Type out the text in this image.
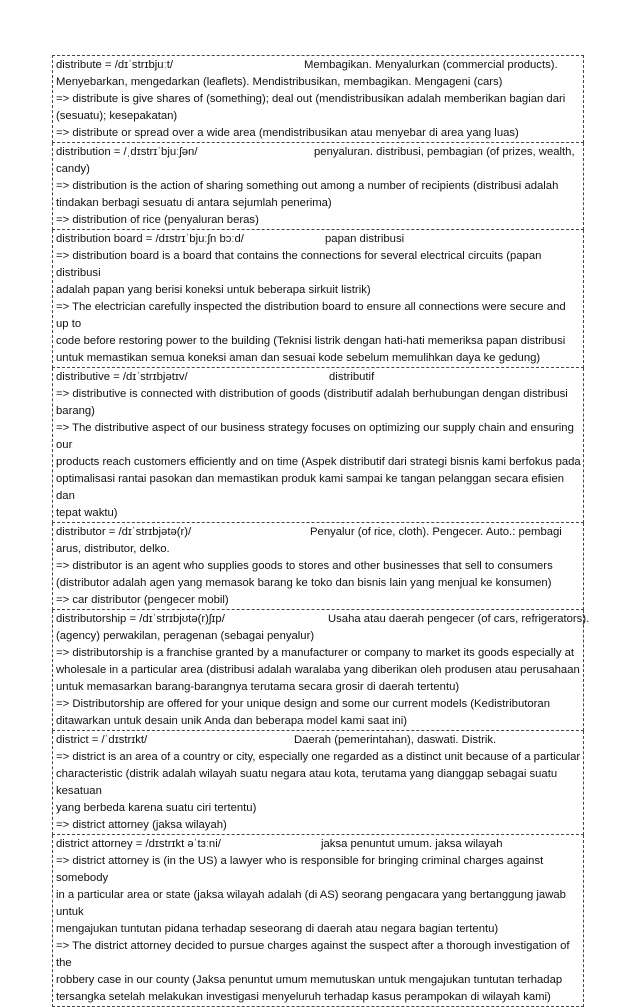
distribute = /dɪˈstrɪbjuːt/	Membagikan. Menyalurkan (commercial products).

Menyebarkan, mengedarkan (leaflets). Mendistribusikan, membagikan. Mengageni (cars)
=> distribute is give shares of (something); deal out (mendistribusikan adalah memberikan bagian dari
(sesuatu); kesepakatan)
=> distribute or spread over a wide area (mendistribusikan atau menyebar di area yang luas)
distribution = /ˌdɪstrɪˈbjuːʃən/	penyaluran. distribusi, pembagian (of prizes, wealth,

candy)
=> distribution is the action of sharing something out among a number of recipients (distribusi adalah
tindakan berbagi sesuatu di antara sejumlah penerima)
=> distribution of rice (penyaluran beras)
distribution board = /dɪstrɪˈbjuːʃn bɔːd/	papan distribusi

=> distribution board is a board that contains the connections for several electrical circuits (papan distribusi
adalah papan yang berisi koneksi untuk beberapa sirkuit listrik)
=> The electrician carefully inspected the distribution board to ensure all connections were secure and up to
code before restoring power to the building (Teknisi listrik dengan hati-hati memeriksa papan distribusi
untuk memastikan semua koneksi aman dan sesuai kode sebelum memulihkan daya ke gedung)
distributive = /dɪˈstrɪbjətɪv/	distributif

=> distributive is connected with distribution of goods (distributif adalah berhubungan dengan distribusi
barang)
=> The distributive aspect of our business strategy focuses on optimizing our supply chain and ensuring our
products reach customers efficiently and on time (Aspek distributif dari strategi bisnis kami berfokus pada
optimalisasi rantai pasokan dan memastikan produk kami sampai ke tangan pelanggan secara efisien dan
tepat waktu)
distributor = /dɪˈstrɪbjətə(r)/	Penyalur (of rice, cloth). Pengecer. Auto.: pembagi

arus, distributor, delko.
=> distributor is an agent who supplies goods to stores and other businesses that sell to consumers
(distributor adalah agen yang memasok barang ke toko dan bisnis lain yang menjual ke konsumen)
=> car distributor (pengecer mobil)
distributorship = /dɪˈstrɪbjʊtə(r)ʃɪp/	Usaha atau daerah pengecer (of cars, refrigerators).

(agency) perwakilan, peragenan (sebagai penyalur)
=> distributorship is a franchise granted by a manufacturer or company to market its goods especially at
wholesale in a particular area (distribusi adalah waralaba yang diberikan oleh produsen atau perusahaan
untuk memasarkan barang-barangnya terutama secara grosir di daerah tertentu)
=> Distributorship are offered for your unique design and some our current models (Kedistributoran
ditawarkan untuk desain unik Anda dan beberapa model kami saat ini)
district = /ˈdɪstrɪkt/	Daerah (pemerintahan), daswati. Distrik.

=> district is an area of a country or city, especially one regarded as a distinct unit because of a particular
characteristic (distrik adalah wilayah suatu negara atau kota, terutama yang dianggap sebagai suatu kesatuan
yang berbeda karena suatu ciri tertentu)
=> district attorney (jaksa wilayah)
district attorney = /dɪstrɪkt əˈtɜːni/	jaksa penuntut umum. jaksa wilayah

=> district attorney is (in the US) a lawyer who is responsible for bringing criminal charges against somebody
in a particular area or state (jaksa wilayah adalah (di AS) seorang pengacara yang bertanggung jawab untuk
mengajukan tuntutan pidana terhadap seseorang di daerah atau negara bagian tertentu)
=> The district attorney decided to pursue charges against the suspect after a thorough investigation of the
robbery case in our county (Jaksa penuntut umum memutuskan untuk mengajukan tuntutan terhadap
tersangka setelah melakukan investigasi menyeluruh terhadap kasus perampokan di wilayah kami)
